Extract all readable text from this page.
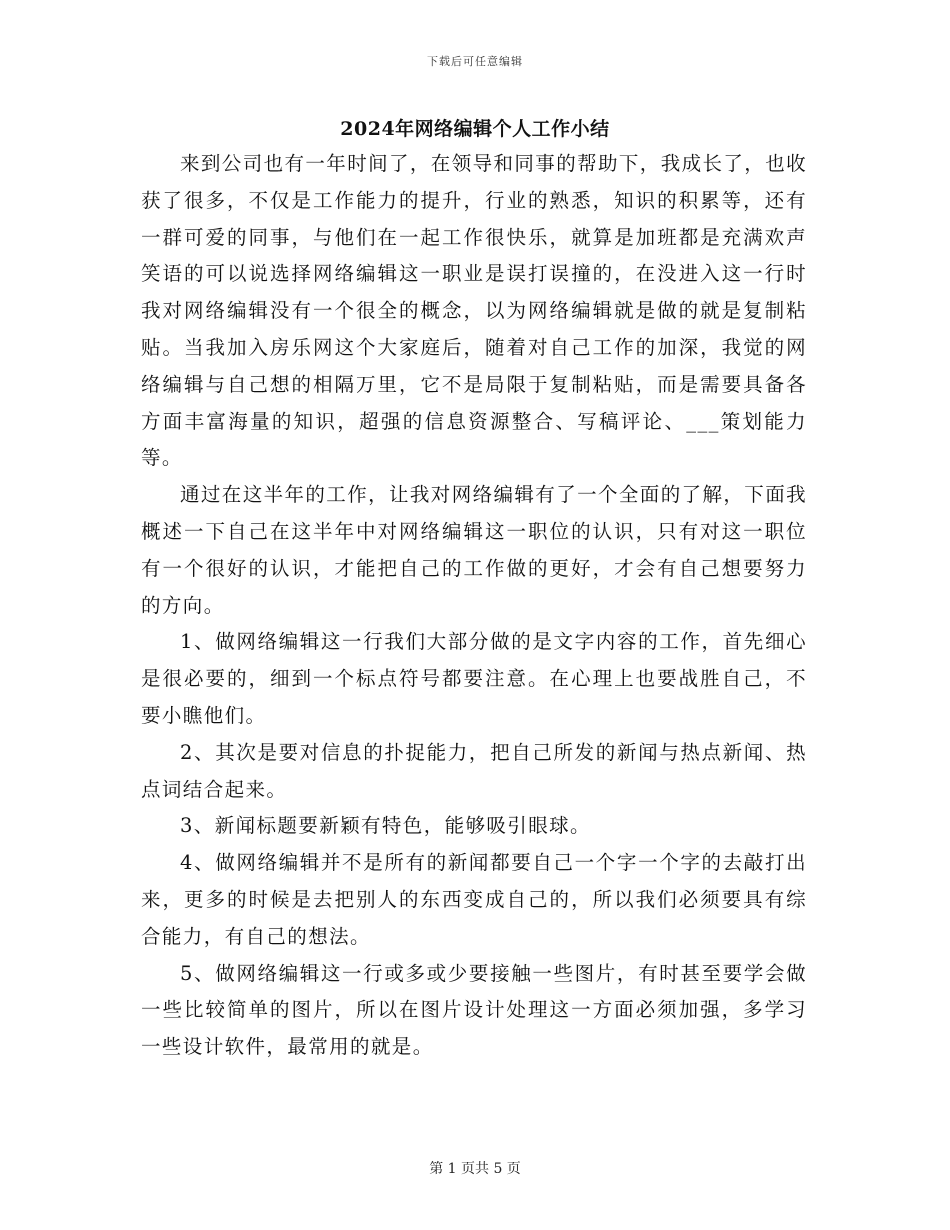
下载后可任意编辑
2024年网络编辑个人工作小结

来到公司也有一年时间了，在领导和同事的帮助下，我成长了，也收获了很多，不仅是工作能力的提升，行业的熟悉，知识的积累等，还有一群可爱的同事，与他们在一起工作很快乐，就算是加班都是充满欢声笑语的可以说选择网络编辑这一职业是误打误撞的，在没进入这一行时我对网络编辑没有一个很全的概念，以为网络编辑就是做的就是复制粘贴。当我加入房乐网这个大家庭后，随着对自己工作的加深，我觉的网络编辑与自己想的相隔万里，它不是局限于复制粘贴，而是需要具备各方面丰富海量的知识，超强的信息资源整合、写稿评论、___策划能力等。

通过在这半年的工作，让我对网络编辑有了一个全面的了解，下面我概述一下自己在这半年中对网络编辑这一职位的认识，只有对这一职位有一个很好的认识，才能把自己的工作做的更好，才会有自己想要努力的方向。

1、做网络编辑这一行我们大部分做的是文字内容的工作，首先细心是很必要的，细到一个标点符号都要注意。在心理上也要战胜自己，不要小瞧他们。

2、其次是要对信息的扑捉能力，把自己所发的新闻与热点新闻、热点词结合起来。

3、新闻标题要新颖有特色，能够吸引眼球。

4、做网络编辑并不是所有的新闻都要自己一个字一个字的去敲打出来，更多的时候是去把别人的东西变成自己的，所以我们必须要具有综合能力，有自己的想法。

5、做网络编辑这一行或多或少要接触一些图片，有时甚至要学会做一些比较简单的图片，所以在图片设计处理这一方面必须加强，多学习一些设计软件，最常用的就是。

第 1 页共 5 页
